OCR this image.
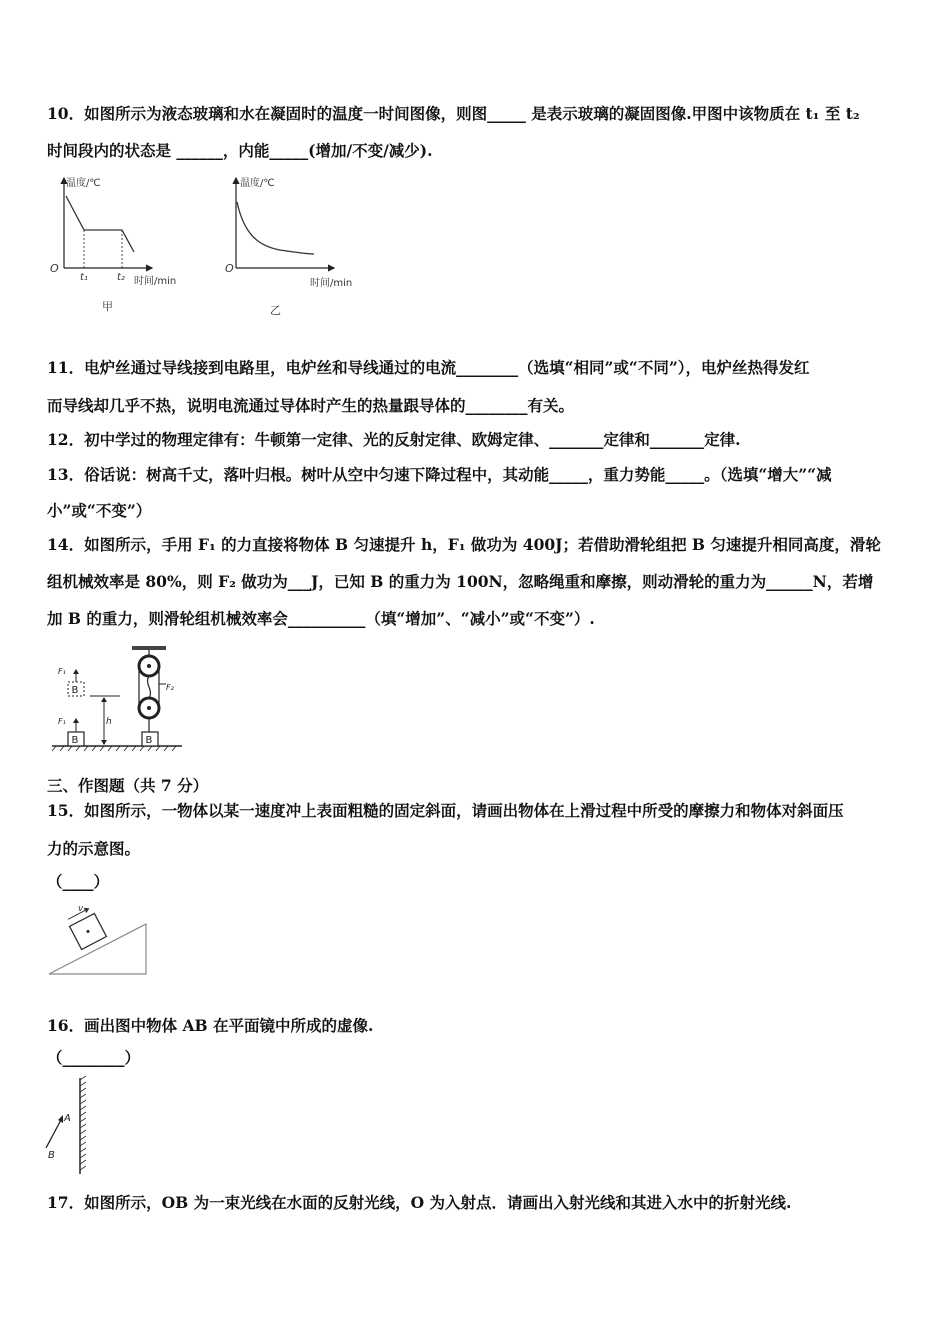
10．如图所示为液态玻璃和水在凝固时的温度一时间图像，则图_____ 是表示玻璃的凝固图像.甲图中该物质在 t₁ 至 t₂
时间段内的状态是 ______，内能_____(增加/不变/减少).
温度/℃
时间/min
O
t₁	t₂
甲
温度/℃
时间/min
O
乙
11．电炉丝通过导线接到电路里，电炉丝和导线通过的电流________（选填“相同”或“不同”），电炉丝热得发红
而导线却几乎不热，说明电流通过导体时产生的热量跟导体的________有关。
12．初中学过的物理定律有：牛顿第一定律、光的反射定律、欧姆定律、_______定律和_______定律.
13．俗话说：树高千丈，落叶归根。树叶从空中匀速下降过程中，其动能_____，重力势能_____。（选填“增大”“减
小”或“不变”）
14．如图所示，手用 F₁ 的力直接将物体 B 匀速提升 h，F₁ 做功为 400J；若借助滑轮组把 B 匀速提升相同高度，滑轮
组机械效率是 80%，则 F₂ 做功为___J，已知 B 的重力为 100N，忽略绳重和摩擦，则动滑轮的重力为______N，若增
加 B 的重力，则滑轮组机械效率会__________（填“增加”、“减小”或“不变”）.
B
F₁
B
F₁
h
F₂
B
三、作图题（共 7 分）
15．如图所示，一物体以某一速度冲上表面粗糙的固定斜面，请画出物体在上滑过程中所受的摩擦力和物体对斜面压
力的示意图。
（____）
v
16．画出图中物体 AB 在平面镜中所成的虚像.
（________）
A
B
17．如图所示，OB 为一束光线在水面的反射光线，O 为入射点．请画出入射光线和其进入水中的折射光线.
